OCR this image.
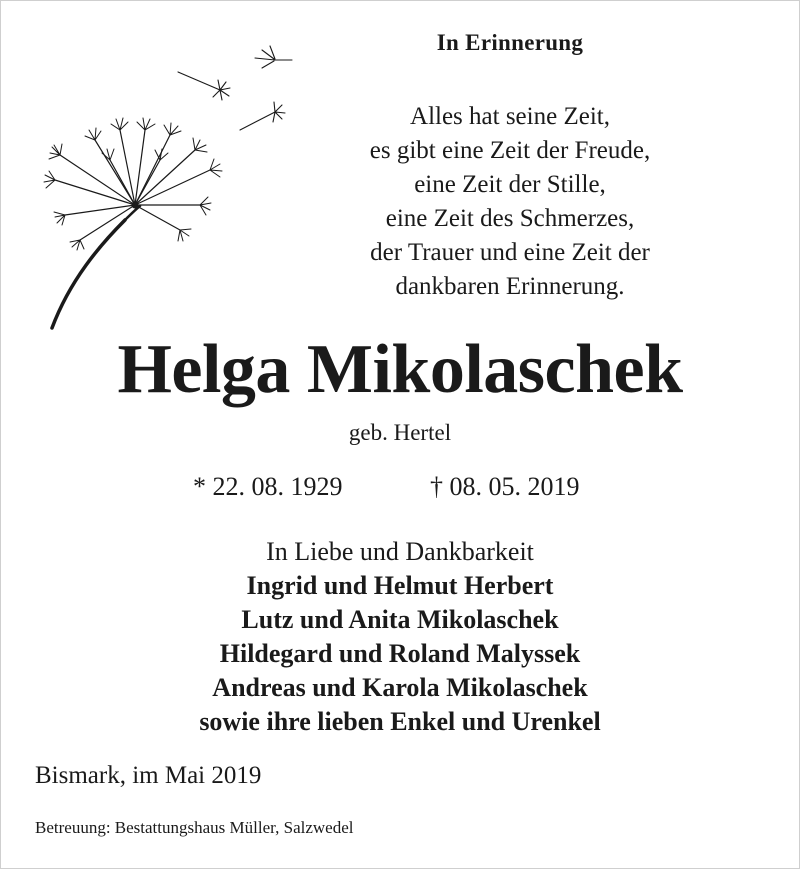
In Erinnerung
Alles hat seine Zeit,
es gibt eine Zeit der Freude,
eine Zeit der Stille,
eine Zeit des Schmerzes,
der Trauer und eine Zeit der
dankbaren Erinnerung.
Helga Mikolaschek
geb. Hertel
* 22. 08. 1929	† 08. 05. 2019
In Liebe und Dankbarkeit
Ingrid und Helmut Herbert
Lutz und Anita Mikolaschek
Hildegard und Roland Malyssek
Andreas und Karola Mikolaschek
sowie ihre lieben Enkel und Urenkel
Bismark, im Mai 2019
Betreuung: Bestattungshaus Müller, Salzwedel
